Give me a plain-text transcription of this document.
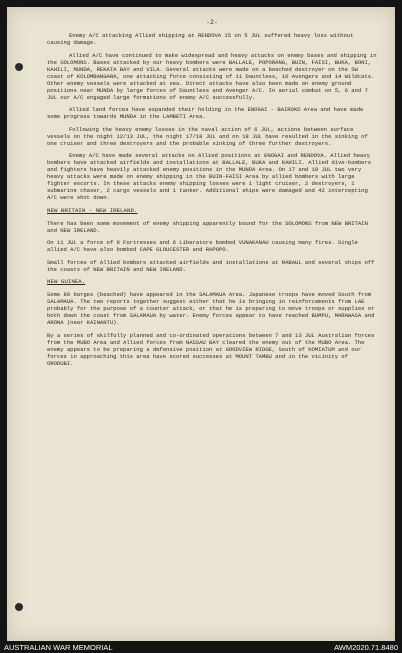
-2-

Enemy A/C attacking Allied shipping at RENDOVA 15 on 5 JUL suffered heavy loss without causing damage.

Allied A/C have continued to make widespread and heavy attacks on enemy bases and shipping in the SOLOMONS. Bases attacked by our heavy bombers were BALLALE, POPORANG, BUIN, FAISI, BUKA, BONI, KAHILI, MUNDA, REKATA BAY and VILA. Several attacks were made on a beached destroyer on the SW coast of KOLOMBANGARA, one attacking force consisting of 11 Dauntless, 10 Avengers and 14 Wildcats. Other enemy vessels were attacked at sea. Direct attacks have also been made on enemy ground positions near MUNDA by large forces of Dauntless and Avenger A/C. In aerial combat on 5, 6 and 7 JUL our A/C engaged large formations of enemy A/C successfully.

Allied land forces have expanded their holding in the ENOGAI - BAIROKO Area and have made some progress towards MUNDA in the LAMBETI Area.

Following the heavy enemy losses in the naval action of 6 JUL, actions between surface vessels on the night 12/13 JUL, the night 17/18 JUL and on 18 JUL have resulted in the sinking of one cruiser and three destroyers and the probable sinking of three further destroyers.

Enemy A/C have made several attacks on Allied positions at ENOGAI and RENDOVA. Allied heavy bombers have attacked airfields and installations at BALLALE, BUKA and KAHILI. Allied dive-bombers and fighters have heavily attacked enemy positions in the MUNDA Area. On 17 and 18 JUL two very heavy attacks were made on enemy shipping in the BUIN-FAISI Area by allied bombers with large fighter escorts. In these attacks enemy shipping losses were 1 light cruiser, 2 destroyers, 1 submarine chaser, 2 cargo vessels and 1 tanker. Additional ships were damaged and 42 intercepting A/C were shot down.

NEW BRITAIN - NEW IRELAND.

There has been some movement of enemy shipping apparently bound for the SOLOMONS from NEW BRITAIN and NEW IRELAND.

On 11 JUL a force of 9 Fortresses and 6 Liberators bombed VUNAKANAU causing many fires. Single allied A/C have also bombed CAPE GLOUCESTER and RAPOPO.

Small forces of Allied bombers attacked airfields and installations at RABAUL and several ships off the coasts of NEW BRITAIN and NEW IRELAND.

NEW GUINEA.

Some 80 barges (beached) have appeared in the SALAMAUA Area. Japanese troops have moved South from SALAMAUA. The two reports together suggest either that he is bringing in reinforcements from LAE probably for the purpose of a counter attack, or that he is preparing to move troops or supplies or both down the coast from SALAMAUA by water. Enemy forces appear to have reached BUMPU, MARAWASA and ARONA (near KAINANTU).

By a series of skilfully planned and co-ordinated operations between 7 and 13 JUL Australian forces from the MUBO Area and Allied forces from NASSAU BAY cleared the enemy out of the MUBO Area. The enemy appears to be preparing a defensive position at GOODVIEW RIDGE, South of KOMIATUM and our forces in approaching this area have scored successes at MOUNT TAMBU and in the vicinity of ORODUBI.

AUSTRALIAN WAR MEMORIAL	AWM2020.71.8480
